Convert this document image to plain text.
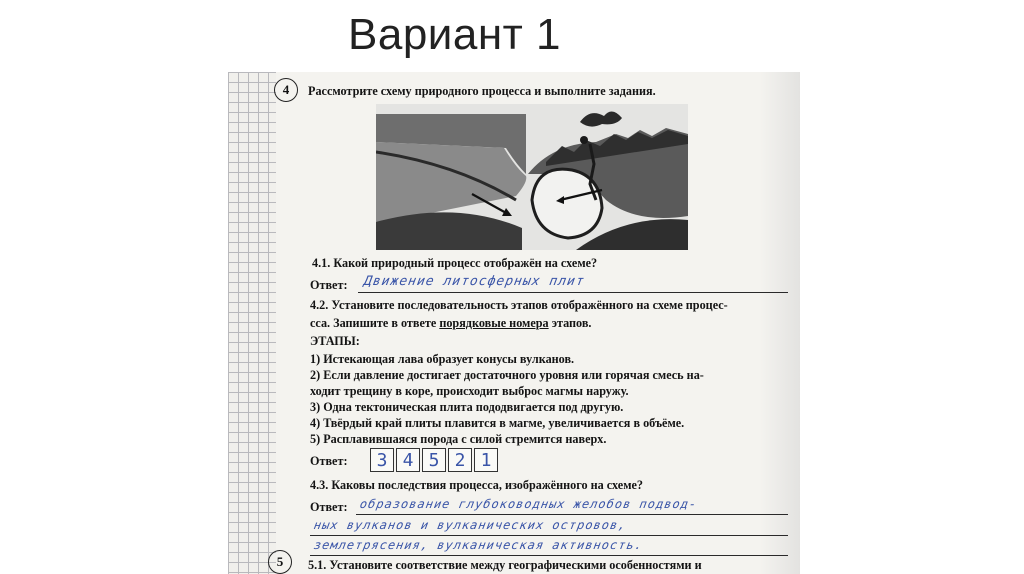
Вариант 1
4	Рассмотрите схему природного процесса и выполните задания.
4.1. Какой природный процесс отображён на схеме?
Ответ: Движение литосферных плит
4.2. Установите последовательность этапов отображённого на схеме процес-
сса. Запишите в ответе порядковые номера этапов.
ЭТАПЫ:
1) Истекающая лава образует конусы вулканов.
2) Если давление достигает достаточного уровня или горячая смесь на-
ходит трещину в коре, происходит выброс магмы наружу.
3) Одна тектоническая плита пододвигается под другую.
4) Твёрдый край плиты плавится в магме, увеличивается в объёме.
5) Расплавившаяся порода с силой стремится наверх.
Ответ:	3 4 5 2 1
4.3. Каковы последствия процесса, изображённого на схеме?
Ответ: образование глубоководных желобов подвод-
ных вулканов и вулканических островов,
землетрясения, вулканическая активность.
5	5.1. Установите соответствие между географическими особенностями и
